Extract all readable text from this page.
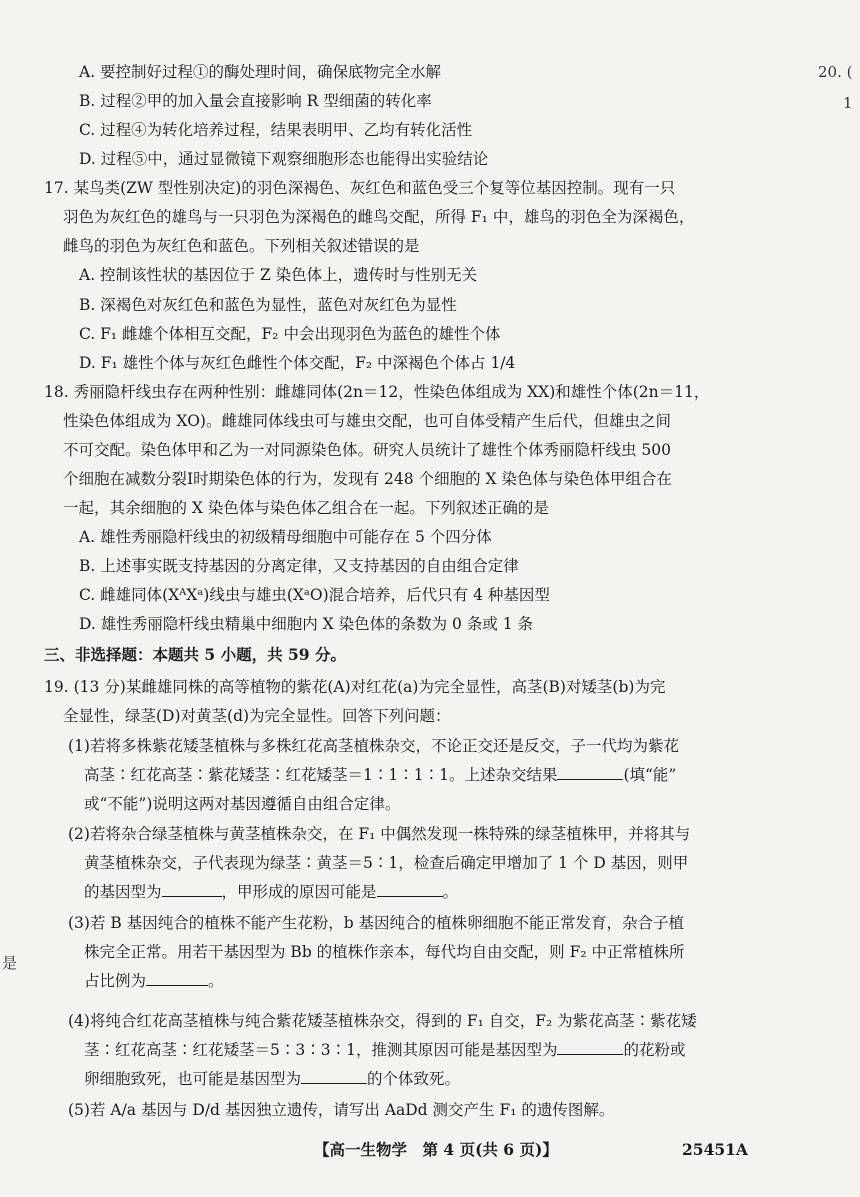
A. 要控制好过程①的酶处理时间，确保底物完全水解
B. 过程②甲的加入量会直接影响 R 型细菌的转化率
C. 过程④为转化培养过程，结果表明甲、乙均有转化活性
D. 过程⑤中，通过显微镜下观察细胞形态也能得出实验结论
17. 某鸟类(ZW 型性别决定)的羽色深褐色、灰红色和蓝色受三个复等位基因控制。现有一只
羽色为灰红色的雄鸟与一只羽色为深褐色的雌鸟交配，所得 F₁ 中，雄鸟的羽色全为深褐色，
雌鸟的羽色为灰红色和蓝色。下列相关叙述错误的是
A. 控制该性状的基因位于 Z 染色体上，遗传时与性别无关
B. 深褐色对灰红色和蓝色为显性，蓝色对灰红色为显性
C. F₁ 雌雄个体相互交配，F₂ 中会出现羽色为蓝色的雄性个体
D. F₁ 雄性个体与灰红色雌性个体交配，F₂ 中深褐色个体占 1/4
18. 秀丽隐杆线虫存在两种性别：雌雄同体(2n＝12，性染色体组成为 XX)和雄性个体(2n＝11，
性染色体组成为 XO)。雌雄同体线虫可与雄虫交配，也可自体受精产生后代，但雄虫之间
不可交配。染色体甲和乙为一对同源染色体。研究人员统计了雄性个体秀丽隐杆线虫 500
个细胞在减数分裂Ⅰ时期染色体的行为，发现有 248 个细胞的 X 染色体与染色体甲组合在
一起，其余细胞的 X 染色体与染色体乙组合在一起。下列叙述正确的是
A. 雄性秀丽隐杆线虫的初级精母细胞中可能存在 5 个四分体
B. 上述事实既支持基因的分离定律，又支持基因的自由组合定律
C. 雌雄同体(XᴬXᵃ)线虫与雄虫(XᵃO)混合培养，后代只有 4 种基因型
D. 雄性秀丽隐杆线虫精巢中细胞内 X 染色体的条数为 0 条或 1 条
三、非选择题：本题共 5 小题，共 59 分。
19. (13 分)某雌雄同株的高等植物的紫花(A)对红花(a)为完全显性，高茎(B)对矮茎(b)为完
全显性，绿茎(D)对黄茎(d)为完全显性。回答下列问题：
(1)若将多株紫花矮茎植株与多株红花高茎植株杂交，不论正交还是反交，子一代均为紫花
高茎∶红花高茎∶紫花矮茎∶红花矮茎＝1∶1∶1∶1。上述杂交结果	(填“能”
或“不能”)说明这两对基因遵循自由组合定律。
(2)若将杂合绿茎植株与黄茎植株杂交，在 F₁ 中偶然发现一株特殊的绿茎植株甲，并将其与
黄茎植株杂交，子代表现为绿茎∶黄茎＝5∶1，检查后确定甲增加了 1 个 D 基因，则甲
的基因型为	，甲形成的原因可能是	。
(3)若 B 基因纯合的植株不能产生花粉，b 基因纯合的植株卵细胞不能正常发育，杂合子植
株完全正常。用若干基因型为 Bb 的植株作亲本，每代均自由交配，则 F₂ 中正常植株所
占比例为	。
(4)将纯合红花高茎植株与纯合紫花矮茎植株杂交，得到的 F₁ 自交，F₂ 为紫花高茎∶紫花矮
茎∶红花高茎∶红花矮茎＝5∶3∶3∶1，推测其原因可能是基因型为	的花粉或
卵细胞致死，也可能是基因型为	的个体致死。
(5)若 A/a 基因与 D/d 基因独立遗传，请写出 AaDd 测交产生 F₁ 的遗传图解。
【高一生物学　第 4 页(共 6 页)】	25451A
20. (
1
是
